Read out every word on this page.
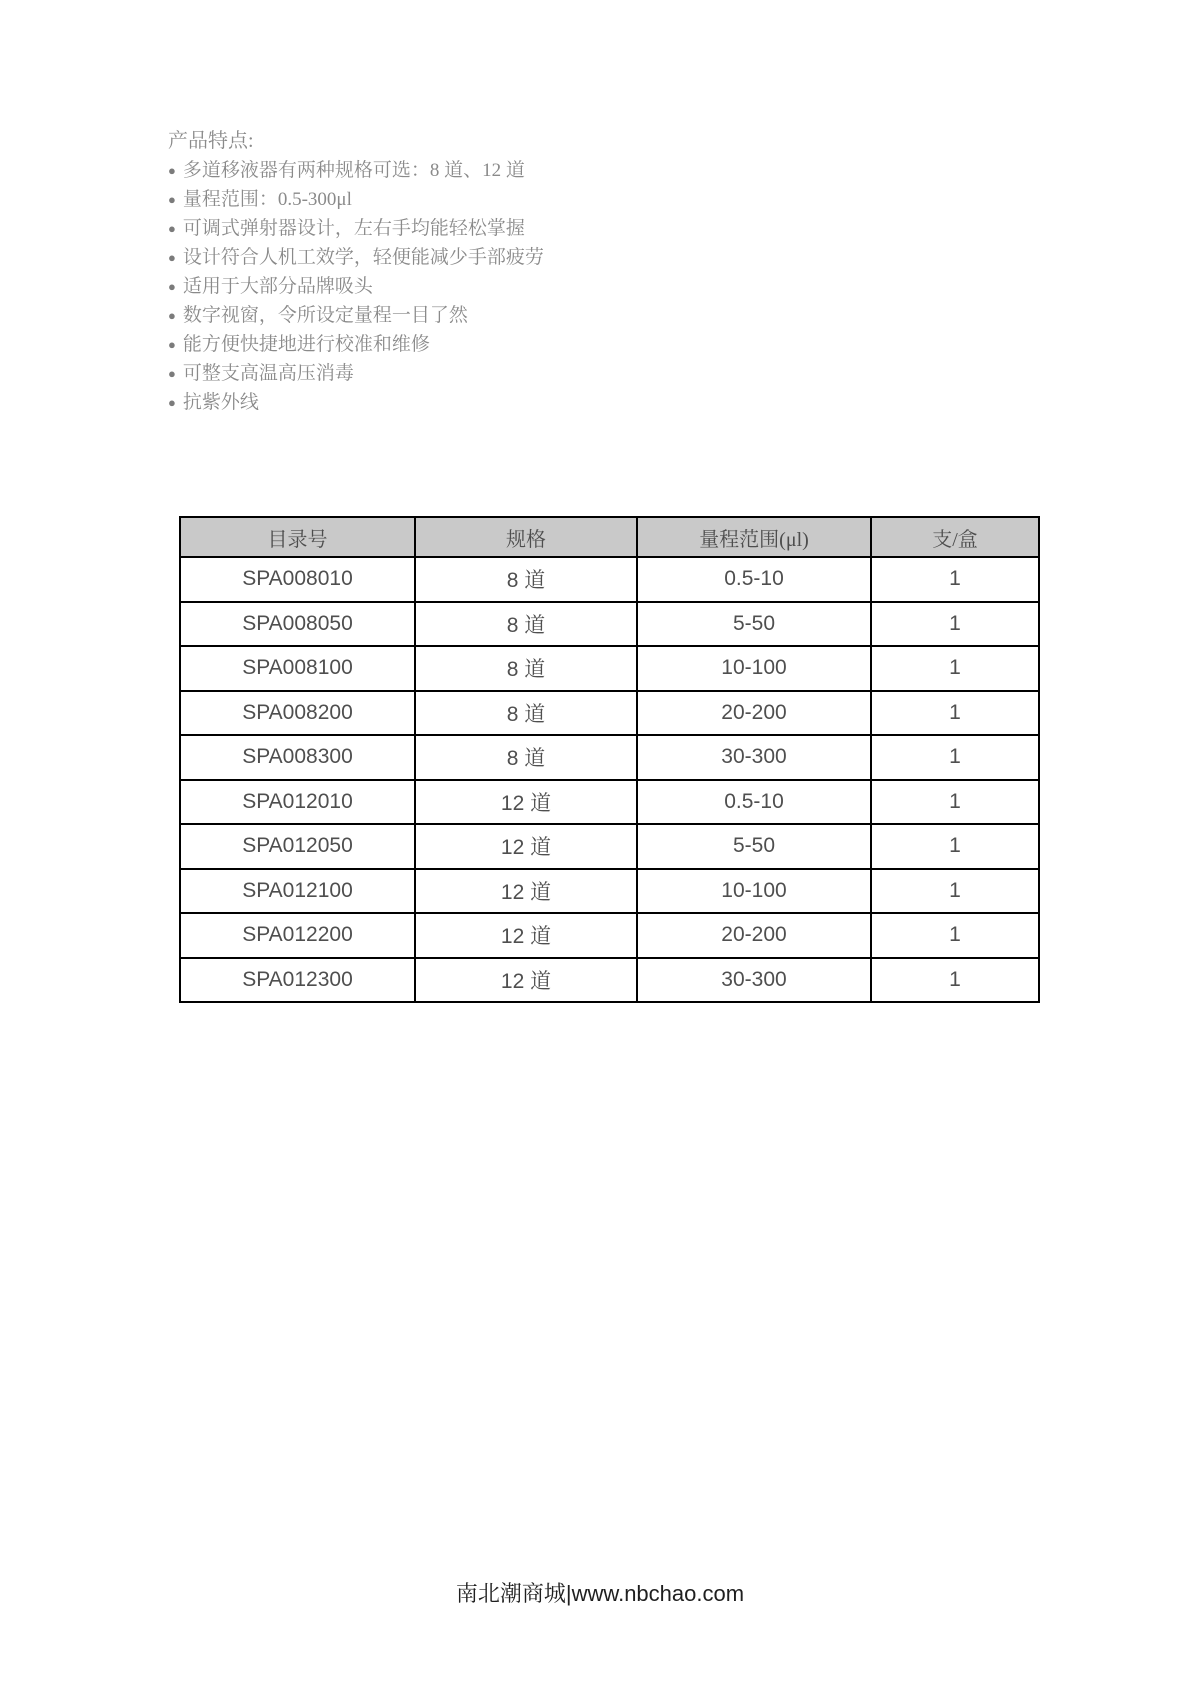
产品特点:
● 多道移液器有两种规格可选：8 道、12 道
● 量程范围：0.5-300μl
● 可调式弹射器设计，左右手均能轻松掌握
● 设计符合人机工效学，轻便能减少手部疲劳
● 适用于大部分品牌吸头
● 数字视窗，令所设定量程一目了然
● 能方便快捷地进行校准和维修
● 可整支高温高压消毒
● 抗紫外线
目录号	规格	量程范围(μl)	支/盒
SPA008010	8 道	0.5-10	1
SPA008050	8 道	5-50	1
SPA008100	8 道	10-100	1
SPA008200	8 道	20-200	1
SPA008300	8 道	30-300	1
SPA012010	12 道	0.5-10	1
SPA012050	12 道	5-50	1
SPA012100	12 道	10-100	1
SPA012200	12 道	20-200	1
SPA012300	12 道	30-300	1
南北潮商城|www.nbchao.com
